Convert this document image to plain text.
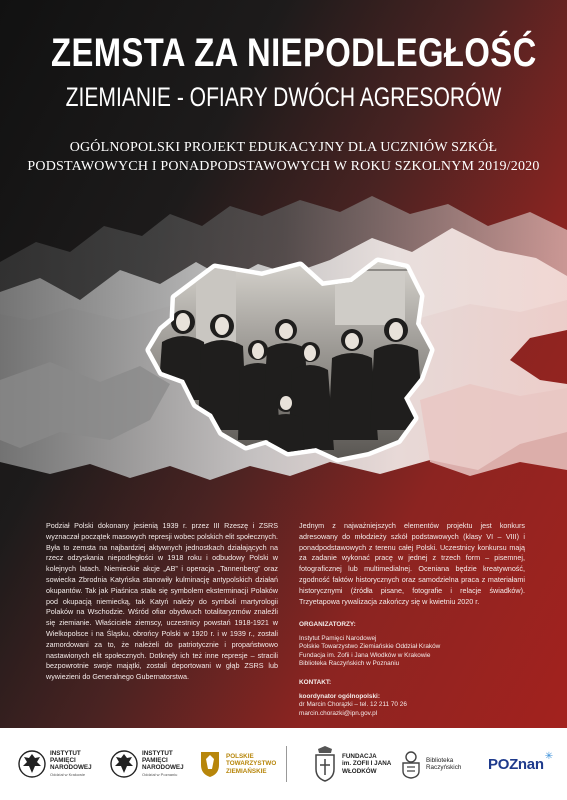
ZEMSTA ZA NIEPODLEGŁOŚĆ
ZIEMIANIE - OFIARY DWÓCH AGRESORÓW
OGÓLNOPOLSKI PROJEKT EDUKACYJNY DLA UCZNIÓW SZKÓŁ
PODSTAWOWYCH I PONADPODSTAWOWYCH W ROKU SZKOLNYM 2019/2020
Podział Polski dokonany jesienią 1939 r. przez III Rzeszę i ZSRS wyznaczał początek masowych represji wobec polskich elit społecznych. Była to zemsta na najbardziej aktywnych jednostkach działających na rzecz odzyskania niepodległości w 1918 roku i odbudowy Polski w kolejnych latach. Niemieckie akcje „AB” i operacja „Tannenberg” oraz sowiecka Zbrodnia Katyńska stanowiły kulminację antypolskich działań okupantów. Tak jak Piaśnica stała się symbolem eksterminacji Polaków pod okupacją niemiecką, tak Katyń należy do symboli martyrologii Polaków na Wschodzie. Wśród ofiar obydwuch totalitaryzmów znaleźli się ziemianie. Właściciele ziemscy, uczestnicy powstań 1918-1921 w Wielkopolsce i na Śląsku, obrońcy Polski w 1920 r. i w 1939 r., zostali zamordowani za to, że należeli do patriotycznie i propaństwowo nastawionych elit społecznych. Dotknęły ich też inne represje – stracili bezpowrotnie swoje majątki, zostali deportowani w głąb ZSRS lub wywiezieni do Generalnego Gubernatorstwa.
Jednym z najważniejszych elementów projektu jest konkurs adresowany do młodzieży szkół podstawowych (klasy VI – VIII) i ponadpodstawowych z terenu całej Polski. Uczestnicy konkursu mają za zadanie wykonać pracę w jednej z trzech form – pisemnej, fotograficznej lub multimedialnej. Oceniana będzie kreatywność, zgodność faktów historycznych oraz samodzielna praca z materiałami historycznymi (źródła pisane, fotografie i relacje świadków). Trzyetapowa rywalizacja zakończy się w kwietniu 2020 r.
ORGANIZATORZY:
Instytut Pamięci Narodowej
Polskie Towarzystwo Ziemiańskie Oddział Kraków
Fundacja im. Zofii i Jana Włodków w Krakowie
Biblioteka Raczyńskich w Poznaniu
KONTAKT:
koordynator ogólnopolski:
dr Marcin Chorązki – tel. 12 211 70 26
marcin.chorazki@ipn.gov.pl
INSTYTUT
PAMIĘCI
NARODOWEJ
Oddział w Krakowie
INSTYTUT
PAMIĘCI
NARODOWEJ
Oddział w Poznaniu
POLSKIE
TOWARZYSTWO
ZIEMIAŃSKIE
FUNDACJA
im. ZOFII I JANA
WŁODKÓW
Biblioteka
Raczyńskich POZnan ✳
